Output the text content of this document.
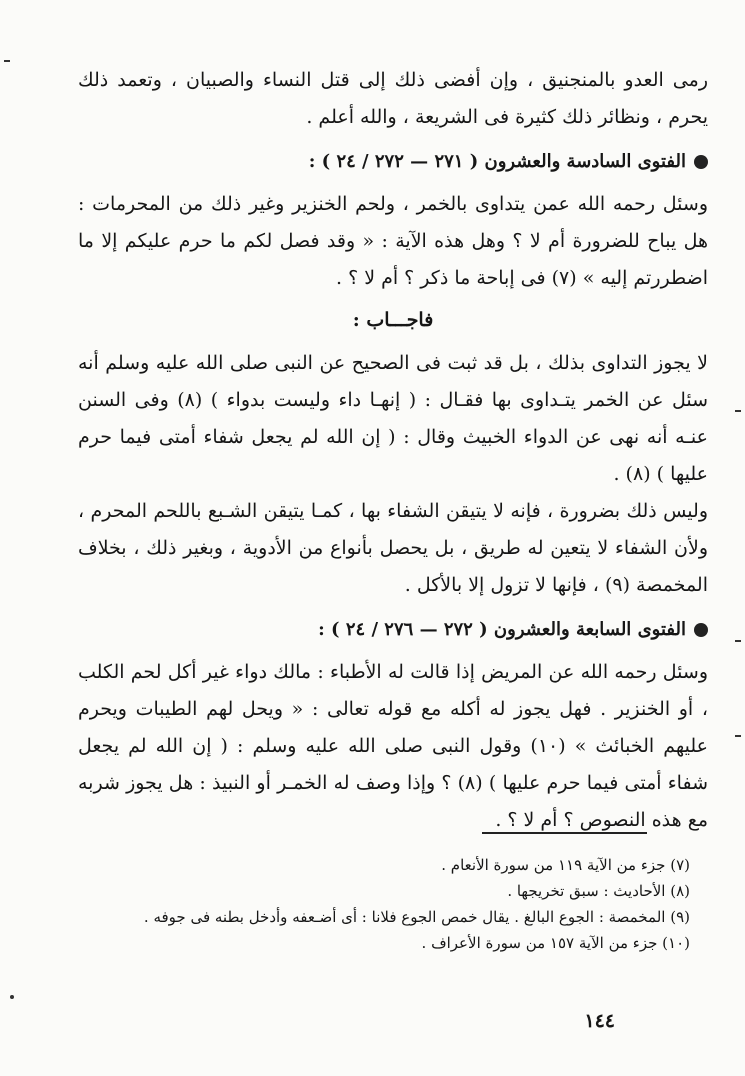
رمى العدو بالمنجنيق ، وإن أفضى ذلك إلى قتل النساء والصبيان ، وتعمد ذلك يحرم ، ونظائر ذلك كثيرة فى الشريعة ، والله أعلم .

الفتوى السادسة والعشرون ( ٢٧١ — ٢٧٢ / ٢٤ ) :

وسئل رحمه الله عمن يتداوى بالخمر ، ولحم الخنزير وغير ذلك من المحرمات : هل يباح للضرورة أم لا ؟ وهل هذه الآية : « وقد فصل لكم ما حرم عليكم إلا ما اضطررتم إليه » (٧) فى إباحة ما ذكر ؟ أم لا ؟ .

فاجـــاب :

لا يجوز التداوى بذلك ، بل قد ثبت فى الصحيح عن النبى صلى الله عليه وسلم أنه سئل عن الخمر يتـداوى بها فقـال : ( إنهـا داء وليست بدواء ) (٨) وفى السنن عنـه أنه نهى عن الدواء الخبيث وقال : ( إن الله لم يجعل شفاء أمتى فيما حرم عليها ) (٨) .

وليس ذلك بضرورة ، فإنه لا يتيقن الشفاء بها ، كمـا يتيقن الشـبع باللحم المحرم ، ولأن الشفاء لا يتعين له طريق ، بل يحصل بأنواع من الأدوية ، وبغير ذلك ، بخلاف المخمصة (٩) ، فإنها لا تزول إلا بالأكل .

الفتوى السابعة والعشرون ( ٢٧٢ — ٢٧٦ / ٢٤ ) :

وسئل رحمه الله عن المريض إذا قالت له الأطباء : مالك دواء غير أكل لحم الكلب ، أو الخنزير . فهل يجوز له أكله مع قوله تعالى : « ويحل لهم الطيبات ويحرم عليهم الخبائث » (١٠) وقول النبى صلى الله عليه وسلم : ( إن الله لم يجعل شفاء أمتى فيما حرم عليها ) (٨) ؟ وإذا وصف له الخمـر أو النبيذ : هل يجوز شربه مع هذه النصوص ؟ أم لا ؟ .

(٧) جزء من الآية ١١٩ من سورة الأنعام .

(٨) الأحاديث : سبق تخريجها .

(٩) المخمصة : الجوع البالغ . يقال خمص الجوع فلانا : أى أضـعفه وأدخل بطنه فى جوفه .

(١٠) جزء من الآية ١٥٧ من سورة الأعراف .

١٤٤
